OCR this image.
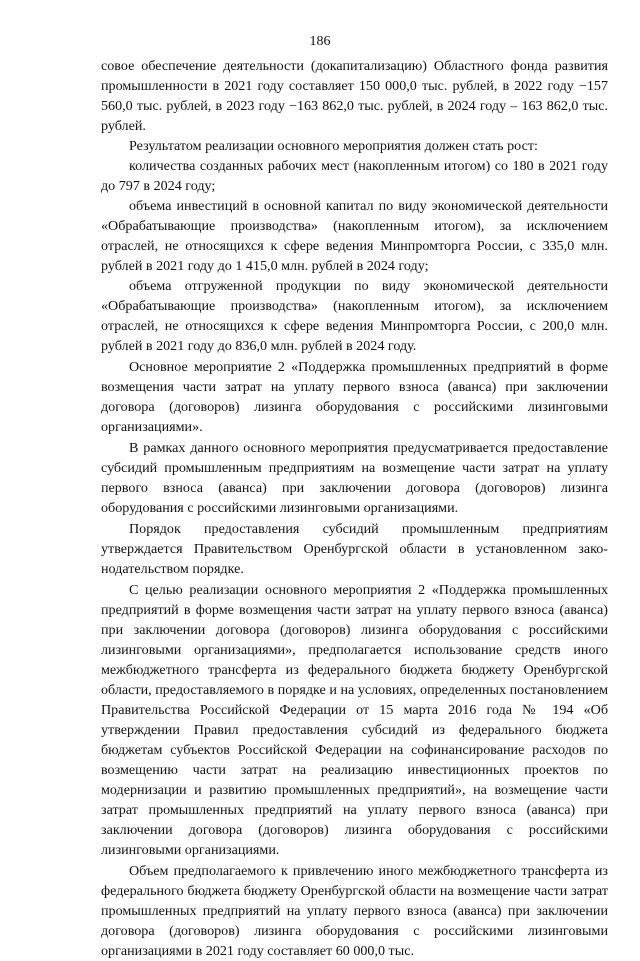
186

совое обеспечение деятельности (докапитализацию) Областного фонда развития промышленности в 2021 году составляет 150 000,0 тыс. рублей, в 2022 году −157 560,0 тыс. рублей, в 2023 году −163 862,0 тыс. рублей, в 2024 году – 163 862,0 тыс. рублей.

Результатом реализации основного мероприятия должен стать рост:

количества созданных рабочих мест (накопленным итогом) со 180 в 2021 году до 797 в 2024 году;

объема инвестиций в основной капитал по виду экономической деятельности «Обрабатывающие производства» (накопленным итогом), за исключением отраслей, не относящихся к сфере ведения Минпромторга России, с 335,0 млн. рублей в 2021 году до 1 415,0 млн. рублей в 2024 году;

объема отгруженной продукции по виду экономической деятельности «Обрабатывающие производства» (накопленным итогом), за исключением отраслей, не относящихся к сфере ведения Минпромторга России, с 200,0 млн. рублей в 2021 году до 836,0 млн. рублей в 2024 году.

Основное мероприятие 2 «Поддержка промышленных предприятий в форме возмещения части затрат на уплату первого взноса (аванса) при заключении договора (договоров) лизинга оборудования с российскими лизинговыми организациями».

В рамках данного основного мероприятия предусматривается предоставление субсидий промышленным предприятиям на возмещение части затрат на уплату первого взноса (аванса) при заключении договора (договоров) лизинга оборудования с российскими лизинговыми организациями.

Порядок предоставления субсидий промышленным предприятиям утверждается Правительством Оренбургской области в установленном законодательством порядке.

С целью реализации основного мероприятия 2 «Поддержка промышленных предприятий в форме возмещения части затрат на уплату первого взноса (аванса) при заключении договора (договоров) лизинга оборудования с российскими лизинговыми организациями», предполагается использование средств иного межбюджетного трансферта из федерального бюджета бюджету Оренбургской области, предоставляемого в порядке и на условиях, определенных постановлением Правительства Российской Федерации от 15 марта 2016 года № 194 «Об утверждении Правил предоставления субсидий из федерального бюджета бюджетам субъектов Российской Федерации на софинансирование расходов по возмещению части затрат на реализацию инвестиционных проектов по модернизации и развитию промышленных предприятий», на возмещение части затрат промышленных предприятий на уплату первого взноса (аванса) при заключении договора (договоров) лизинга оборудования с российскими лизинговыми организациями.

Объем предполагаемого к привлечению иного межбюджетного трансферта из федерального бюджета бюджету Оренбургской области на возмещение части затрат промышленных предприятий на уплату первого взноса (аванса) при заключении договора (договоров) лизинга оборудования с российскими лизинговыми организациями в 2021 году составляет 60 000,0 тыс.
